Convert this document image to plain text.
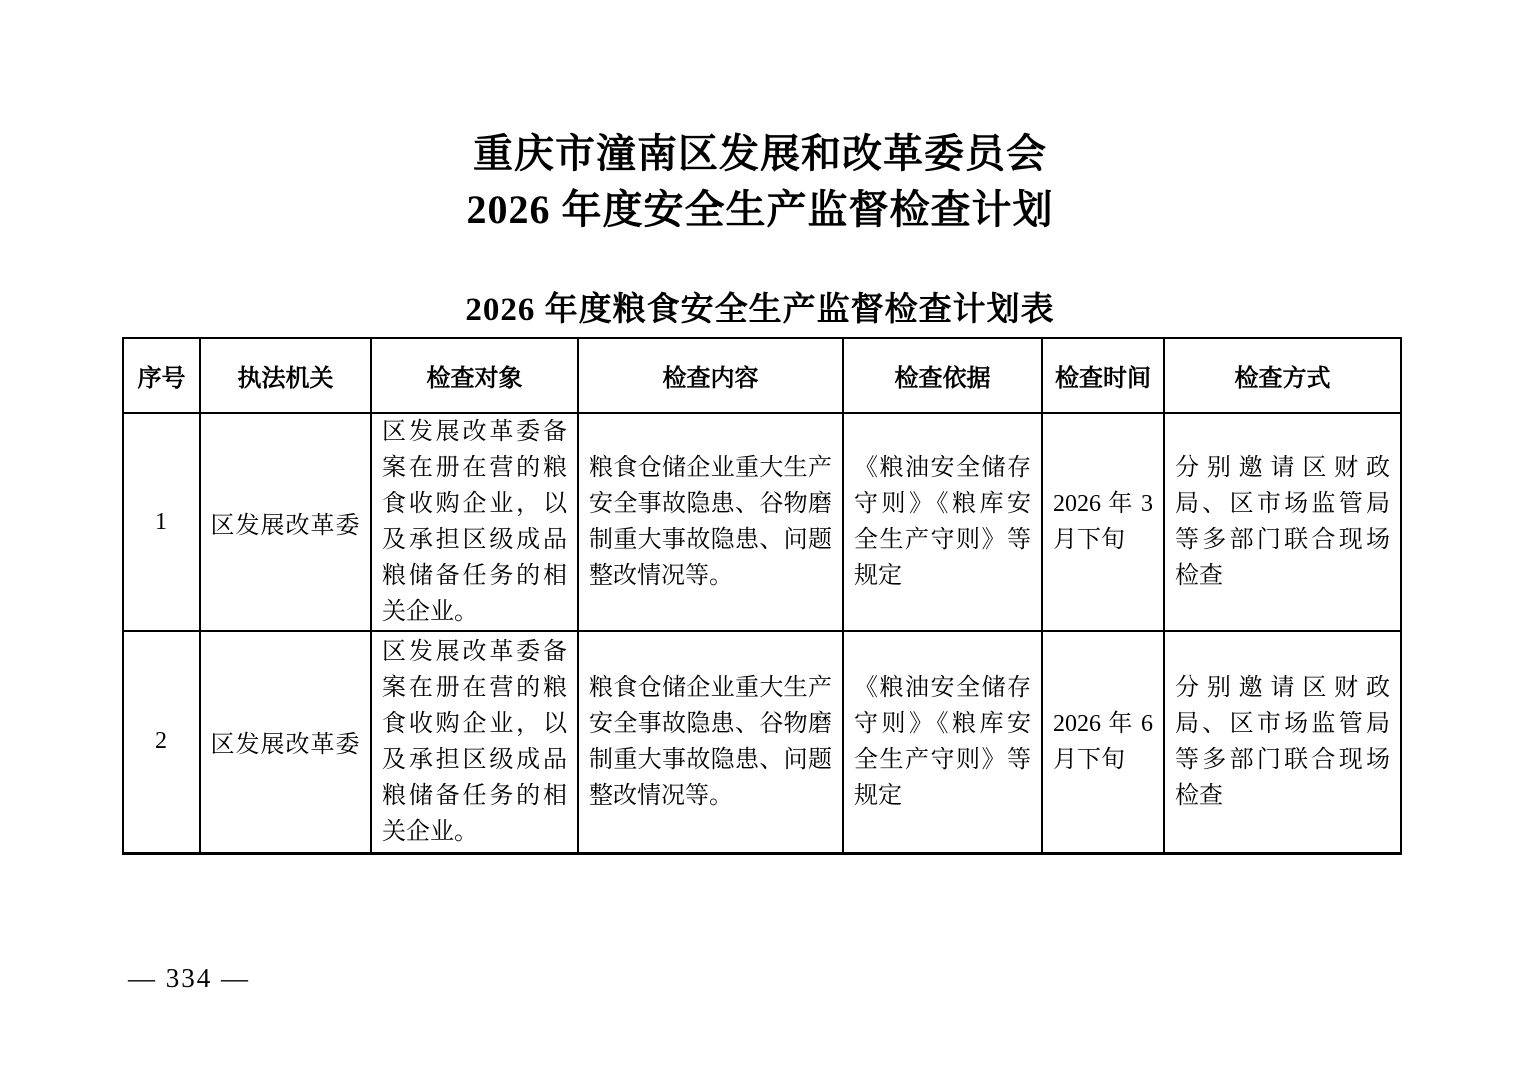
重庆市潼南区发展和改革委员会
2026 年度安全生产监督检查计划
2026 年度粮食安全生产监督检查计划表
序号	执法机关	检查对象	检查内容	检查依据	检查时间	检查方式
1	区发展改革委	区发展改革委备案在册在营的粮食收购企业，以及承担区级成品粮储备任务的相关企业。	粮食仓储企业重大生产安全事故隐患、谷物磨制重大事故隐患、问题整改情况等。	《粮油安全储存守则》《粮库安全生产守则》等规定	2026 年 3 月下旬	分别邀请区财政局、区市场监管局等多部门联合现场检查
2	区发展改革委	区发展改革委备案在册在营的粮食收购企业，以及承担区级成品粮储备任务的相关企业。	粮食仓储企业重大生产安全事故隐患、谷物磨制重大事故隐患、问题整改情况等。	《粮油安全储存守则》《粮库安全生产守则》等规定	2026 年 6 月下旬	分别邀请区财政局、区市场监管局等多部门联合现场检查
— 334 —
